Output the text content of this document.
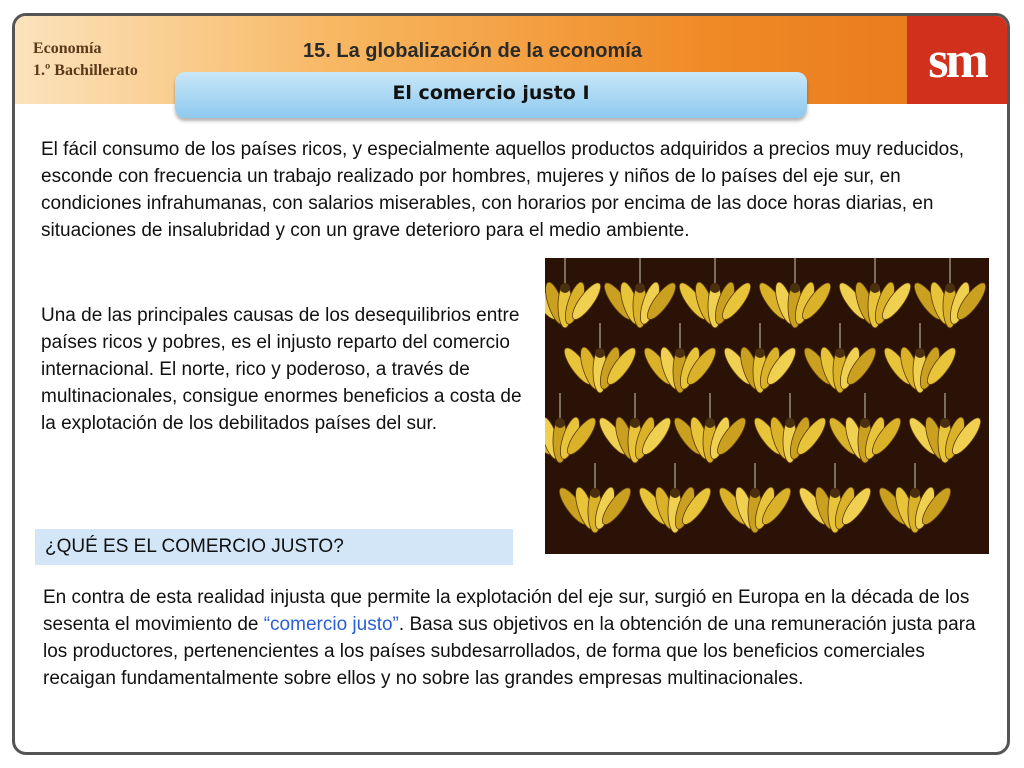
Economía
1.º Bachillerato
15. La globalización de la economía	sm
El comercio justo I

El fácil consumo de los países ricos, y especialmente aquellos productos adquiridos a precios muy reducidos, esconde con frecuencia un trabajo realizado por hombres, mujeres y niños de lo países del eje sur, en condiciones infrahumanas, con salarios miserables, con horarios por encima de las doce horas diarias, en situaciones de insalubridad y con un grave deterioro para el medio ambiente.

Una de las principales causas de los desequilibrios entre países ricos y pobres, es el injusto reparto del comercio internacional. El norte, rico y poderoso, a través de multinacionales, consigue enormes beneficios a costa de la explotación de los debilitados países del sur.

¿QUÉ ES EL COMERCIO JUSTO?

En contra de esta realidad injusta que permite la explotación del eje sur, surgió en Europa en la década de los sesenta el movimiento de “comercio justo”. Basa sus objetivos en la obtención de una remuneración justa para los productores, pertenencientes a los países subdesarrollados, de forma que los beneficios comerciales recaigan fundamentalmente sobre ellos y no sobre las grandes empresas multinacionales.
